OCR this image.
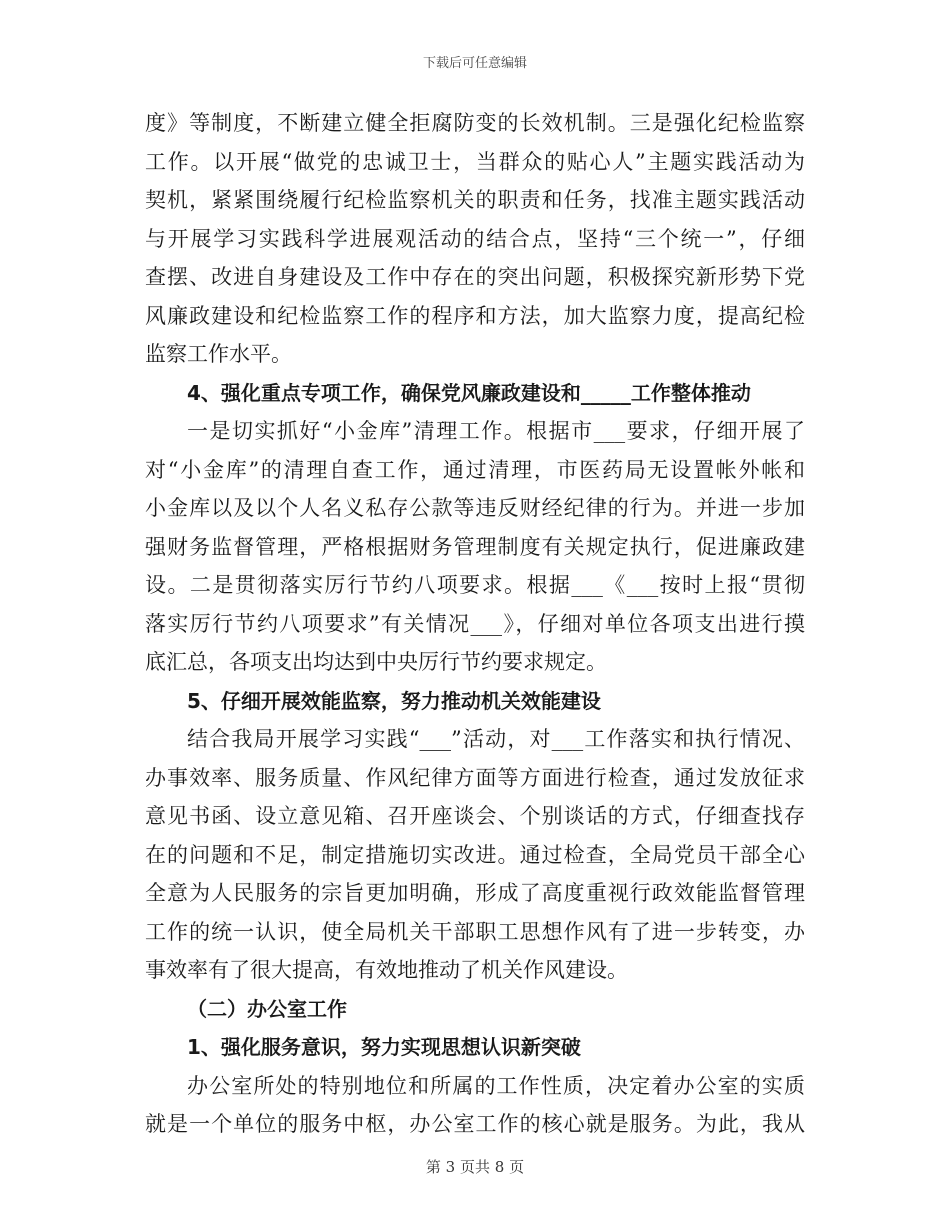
下载后可任意编辑
度》等制度，不断建立健全拒腐防变的长效机制。三是强化纪检监察
工作。以开展“做党的忠诚卫士，当群众的贴心人”主题实践活动为
契机，紧紧围绕履行纪检监察机关的职责和任务，找准主题实践活动
与开展学习实践科学进展观活动的结合点，坚持“三个统一”，仔细
查摆、改进自身建设及工作中存在的突出问题，积极探究新形势下党
风廉政建设和纪检监察工作的程序和方法，加大监察力度，提高纪检
监察工作水平。
4、强化重点专项工作，确保党风廉政建设和_____工作整体推动
一是切实抓好“小金库”清理工作。根据市___要求，仔细开展了
对“小金库”的清理自查工作，通过清理，市医药局无设置帐外帐和
小金库以及以个人名义私存公款等违反财经纪律的行为。并进一步加
强财务监督管理，严格根据财务管理制度有关规定执行，促进廉政建
设。二是贯彻落实厉行节约八项要求。根据___《___按时上报“贯彻
落实厉行节约八项要求”有关情况___》，仔细对单位各项支出进行摸
底汇总，各项支出均达到中央厉行节约要求规定。
5、仔细开展效能监察，努力推动机关效能建设
结合我局开展学习实践“___”活动，对___工作落实和执行情况、
办事效率、服务质量、作风纪律方面等方面进行检查，通过发放征求
意见书函、设立意见箱、召开座谈会、个别谈话的方式，仔细查找存
在的问题和不足，制定措施切实改进。通过检查，全局党员干部全心
全意为人民服务的宗旨更加明确，形成了高度重视行政效能监督管理
工作的统一认识，使全局机关干部职工思想作风有了进一步转变，办
事效率有了很大提高，有效地推动了机关作风建设。
（二）办公室工作
1、强化服务意识，努力实现思想认识新突破
办公室所处的特别地位和所属的工作性质，决定着办公室的实质
就是一个单位的服务中枢，办公室工作的核心就是服务。为此，我从
第 3 页共 8 页
